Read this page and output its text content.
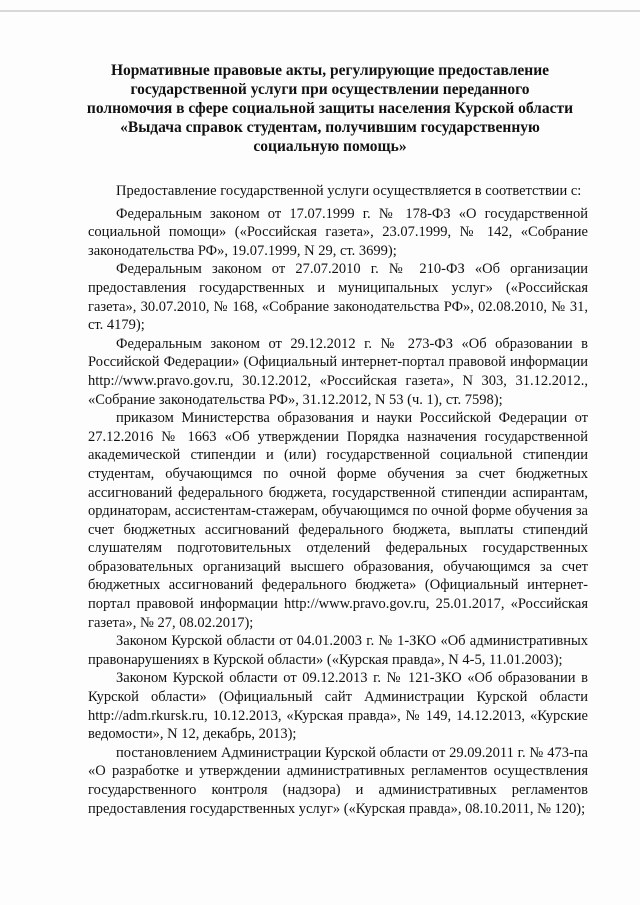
Нормативные правовые акты, регулирующие предоставление
государственной услуги при осуществлении переданного
полномочия в сфере социальной защиты населения Курской области
«Выдача справок студентам, получившим государственную
социальную помощь»

Предоставление государственной услуги осуществляется в соответствии с:

Федеральным законом от 17.07.1999 г. № 178-ФЗ «О государственной социальной помощи» («Российская газета», 23.07.1999, № 142, «Собрание законодательства РФ», 19.07.1999, N 29, ст. 3699);

Федеральным законом от 27.07.2010 г. № 210-ФЗ «Об организации предоставления государственных и муниципальных услуг» («Российская газета», 30.07.2010, № 168, «Собрание законодательства РФ», 02.08.2010, № 31, ст. 4179);

Федеральным законом от 29.12.2012 г. № 273-ФЗ «Об образовании в Российской Федерации» (Официальный интернет-портал правовой информации http://www.pravo.gov.ru, 30.12.2012, «Российская газета», N 303, 31.12.2012., «Собрание законодательства РФ», 31.12.2012, N 53 (ч. 1), ст. 7598);

приказом Министерства образования и науки Российской Федерации от 27.12.2016 № 1663 «Об утверждении Порядка назначения государственной академической стипендии и (или) государственной социальной стипендии студентам, обучающимся по очной форме обучения за счет бюджетных ассигнований федерального бюджета, государственной стипендии аспирантам, ординаторам, ассистентам-стажерам, обучающимся по очной форме обучения за счет бюджетных ассигнований федерального бюджета, выплаты стипендий слушателям подготовительных отделений федеральных государственных образовательных организаций высшего образования, обучающимся за счет бюджетных ассигнований федерального бюджета» (Официальный интернет-портал правовой информации http://www.pravo.gov.ru, 25.01.2017, «Российская газета», № 27, 08.02.2017);

Законом Курской области от 04.01.2003 г. № 1-ЗКО «Об административных правонарушениях в Курской области» («Курская правда», N 4-5, 11.01.2003);

Законом Курской области от 09.12.2013 г. № 121-ЗКО «Об образовании в Курской области» (Официальный сайт Администрации Курской области http://adm.rkursk.ru, 10.12.2013, «Курская правда», № 149, 14.12.2013, «Курские ведомости», N 12, декабрь, 2013);

постановлением Администрации Курской области от 29.09.2011 г. № 473-па «О разработке и утверждении административных регламентов осуществления государственного контроля (надзора) и административных регламентов предоставления государственных услуг» («Курская правда», 08.10.2011, № 120);
